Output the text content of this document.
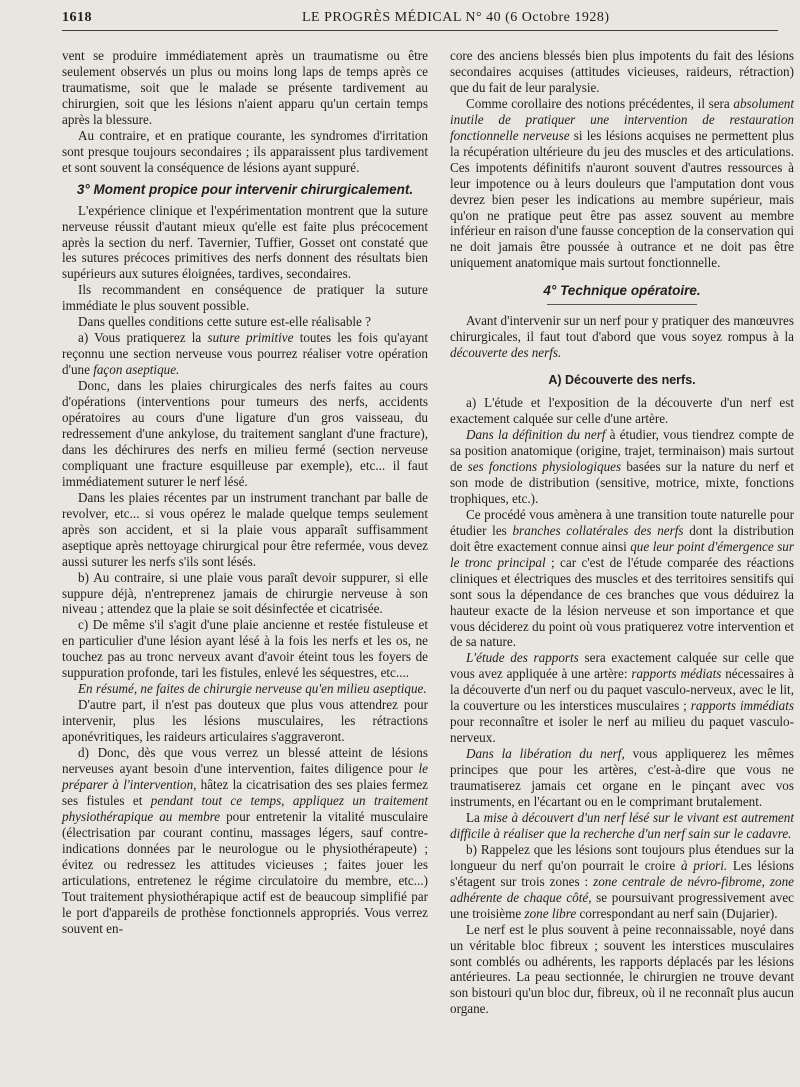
1618	LE PROGRÈS MÉDICAL N° 40 (6 Octobre 1928)

vent se produire immédiatement après un traumatisme ou être seulement observés un plus ou moins long laps de temps après ce traumatisme, soit que le malade se présente tardivement au chirurgien, soit que les lésions n'aient apparu qu'un certain temps après la blessure.

Au contraire, et en pratique courante, les syndromes d'irritation sont presque toujours secondaires ; ils apparaissent plus tardivement et sont souvent la conséquence de lésions ayant suppuré.

3° Moment propice pour intervenir chirurgicalement.

L'expérience clinique et l'expérimentation montrent que la suture nerveuse réussit d'autant mieux qu'elle est faite plus précocement après la section du nerf. Tavernier, Tuffier, Gosset ont constaté que les sutures précoces primitives des nerfs donnent des résultats bien supérieurs aux sutures éloignées, tardives, secondaires.

Ils recommandent en conséquence de pratiquer la suture immédiate le plus souvent possible.

Dans quelles conditions cette suture est-elle réalisable ?

a) Vous pratiquerez la suture primitive toutes les fois qu'ayant reçonnu une section nerveuse vous pourrez réaliser votre opération d'une façon aseptique.

Donc, dans les plaies chirurgicales des nerfs faites au cours d'opérations (interventions pour tumeurs des nerfs, accidents opératoires au cours d'une ligature d'un gros vaisseau, du redressement d'une ankylose, du traitement sanglant d'une fracture), dans les déchirures des nerfs en milieu fermé (section nerveuse compliquant une fracture esquilleuse par exemple), etc... il faut immédiatement suturer le nerf lésé.

Dans les plaies récentes par un instrument tranchant par balle de revolver, etc... si vous opérez le malade quelque temps seulement après son accident, et si la plaie vous apparaît suffisamment aseptique après nettoyage chirurgical pour être refermée, vous devez aussi suturer les nerfs s'ils sont lésés.

b) Au contraire, si une plaie vous paraît devoir suppurer, si elle suppure déjà, n'entreprenez jamais de chirurgie nerveuse à son niveau ; attendez que la plaie se soit désinfectée et cicatrisée.

c) De même s'il s'agit d'une plaie ancienne et restée fistuleuse et en particulier d'une lésion ayant lésé à la fois les nerfs et les os, ne touchez pas au tronc nerveux avant d'avoir éteint tous les foyers de suppuration profonde, tari les fistules, enlevé les séquestres, etc....

En résumé, ne faites de chirurgie nerveuse qu'en milieu aseptique.

D'autre part, il n'est pas douteux que plus vous attendrez pour intervenir, plus les lésions musculaires, les rétractions aponévritiques, les raideurs articulaires s'aggraveront.

d) Donc, dès que vous verrez un blessé atteint de lésions nerveuses ayant besoin d'une intervention, faites diligence pour le préparer à l'intervention, hâtez la cicatrisation des ses plaies fermez ses fistules et pendant tout ce temps, appliquez un traitement physiothérapique au membre pour entretenir la vitalité musculaire (électrisation par courant continu, massages légers, sauf contre-indications données par le neurologue ou le physiothérapeute) ; évitez ou redressez les attitudes vicieuses ; faites jouer les articulations, entretenez le régime circulatoire du membre, etc...) Tout traitement physiothérapique actif est de beaucoup simplifié par le port d'appareils de prothèse fonctionnels appropriés. Vous verrez souvent en-

core des anciens blessés bien plus impotents du fait des lésions secondaires acquises (attitudes vicieuses, raideurs, rétraction) que du fait de leur paralysie.

Comme corollaire des notions précédentes, il sera absolument inutile de pratiquer une intervention de restauration fonctionnelle nerveuse si les lésions acquises ne permettent plus la récupération ultérieure du jeu des muscles et des articulations. Ces impotents définitifs n'auront souvent d'autres ressources à leur impotence ou à leurs douleurs que l'amputation dont vous devrez bien peser les indications au membre supérieur, mais qu'on ne pratique peut être pas assez souvent au membre inférieur en raison d'une fausse conception de la conservation qui ne doit jamais être poussée à outrance et ne doit pas être uniquement anatomique mais surtout fonctionnelle.

4° Technique opératoire.

Avant d'intervenir sur un nerf pour y pratiquer des manœuvres chirurgicales, il faut tout d'abord que vous soyez rompus à la découverte des nerfs.

A) Découverte des nerfs.

a) L'étude et l'exposition de la découverte d'un nerf est exactement calquée sur celle d'une artère.

Dans la définition du nerf à étudier, vous tiendrez compte de sa position anatomique (origine, trajet, terminaison) mais surtout de ses fonctions physiologiques basées sur la nature du nerf et son mode de distribution (sensitive, motrice, mixte, fonctions trophiques, etc.).

Ce procédé vous amènera à une transition toute naturelle pour étudier les branches collatérales des nerfs dont la distribution doit être exactement connue ainsi que leur point d'émergence sur le tronc principal ; car c'est de l'étude comparée des réactions cliniques et électriques des muscles et des territoires sensitifs qui sont sous la dépendance de ces branches que vous déduirez la hauteur exacte de la lésion nerveuse et son importance et que vous déciderez du point où vous pratiquerez votre intervention et de sa nature.

L'étude des rapports sera exactement calquée sur celle que vous avez appliquée à une artère: rapports médiats nécessaires à la découverte d'un nerf ou du paquet vasculo-nerveux, avec le lit, la couverture ou les interstices musculaires ; rapports immédiats pour reconnaître et isoler le nerf au milieu du paquet vasculo-nerveux.

Dans la libération du nerf, vous appliquerez les mêmes principes que pour les artères, c'est-à-dire que vous ne traumatiserez jamais cet organe en le pinçant avec vos instruments, en l'écartant ou en le comprimant brutalement.

La mise à découvert d'un nerf lésé sur le vivant est autrement difficile à réaliser que la recherche d'un nerf sain sur le cadavre.

b) Rappelez que les lésions sont toujours plus étendues sur la longueur du nerf qu'on pourrait le croire à priori. Les lésions s'étagent sur trois zones : zone centrale de névro-fibrome, zone adhérente de chaque côté, se poursuivant progressivement avec une troisième zone libre correspondant au nerf sain (Dujarier).

Le nerf est le plus souvent à peine reconnaissable, noyé dans un véritable bloc fibreux ; souvent les interstices musculaires sont comblés ou adhérents, les rapports déplacés par les lésions antérieures. La peau sectionnée, le chirurgien ne trouve devant son bistouri qu'un bloc dur, fibreux, où il ne reconnaît plus aucun organe.
